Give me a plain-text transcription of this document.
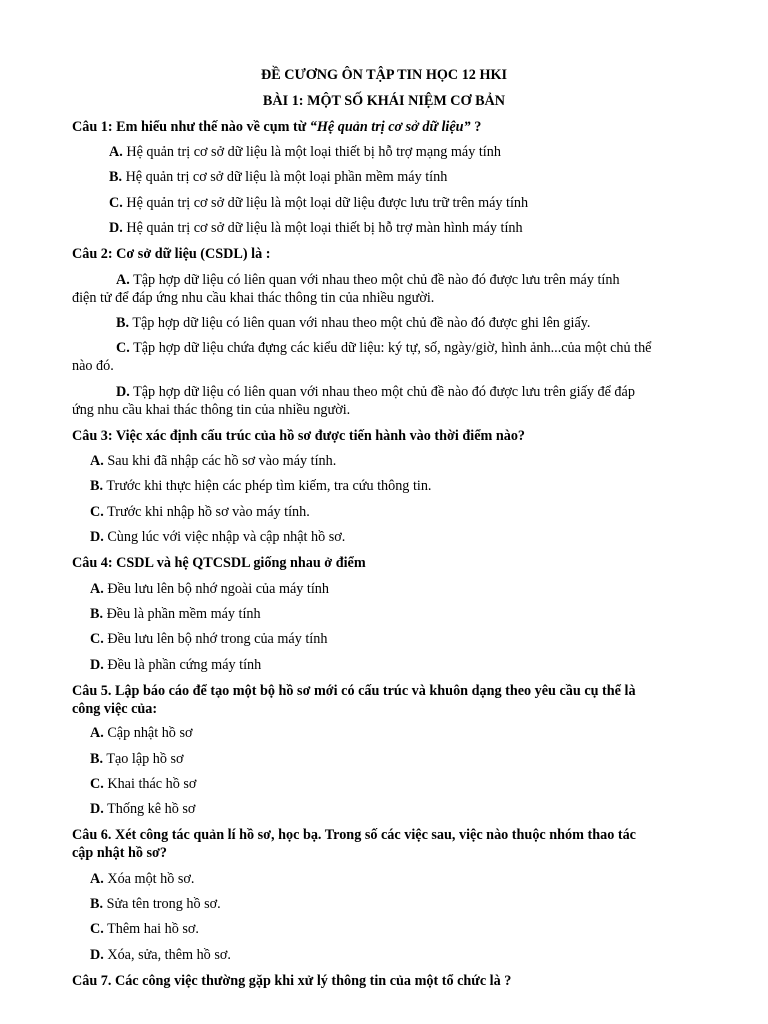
ĐỀ CƯƠNG ÔN TẬP TIN HỌC 12 HKI
BÀI 1: MỘT SỐ KHÁI NIỆM CƠ BẢN
Câu 1: Em hiểu như thế nào về cụm từ “Hệ quản trị cơ sở dữ liệu” ?
A. Hệ quản trị cơ sở dữ liệu là một loại thiết bị hỗ trợ mạng máy tính
B. Hệ quản trị cơ sở dữ liệu là một loại phần mềm máy tính
C. Hệ quản trị cơ sở dữ liệu là một loại dữ liệu được lưu trữ trên máy tính
D. Hệ quản trị cơ sở dữ liệu là một loại thiết bị hỗ trợ màn hình máy tính
Câu 2: Cơ sở dữ liệu (CSDL) là :
A. Tập hợp dữ liệu có liên quan với nhau theo một chủ đề nào đó được lưu trên máy tính
điện tử để đáp ứng nhu cầu khai thác thông tin của nhiều người.
B. Tập hợp dữ liệu có liên quan với nhau theo một chủ đề nào đó được ghi lên giấy.
C. Tập hợp dữ liệu chứa đựng các kiểu dữ liệu: ký tự, số, ngày/giờ, hình ảnh...của một chủ thể
nào đó.
D. Tập hợp dữ liệu có liên quan với nhau theo một chủ đề nào đó được lưu trên giấy để đáp
ứng nhu cầu khai thác thông tin của nhiều người.
Câu 3: Việc xác định cấu trúc của hồ sơ được tiến hành vào thời điểm nào?
A. Sau khi đã nhập các hồ sơ vào máy tính.
B. Trước khi thực hiện các phép tìm kiếm, tra cứu thông tin.
C. Trước khi nhập hồ sơ vào máy tính.
D. Cùng lúc với việc nhập và cập nhật hồ sơ.
Câu 4: CSDL và hệ QTCSDL giống nhau ở điểm
A. Đều lưu lên bộ nhớ ngoài của máy tính
B. Đều là phần mềm máy tính
C. Đều lưu lên bộ nhớ trong của máy tính
D. Đều là phần cứng máy tính
Câu 5. Lập báo cáo để tạo một bộ hồ sơ mới có cấu trúc và khuôn dạng theo yêu cầu cụ thể là
công việc của:
A. Cập nhật hồ sơ
B. Tạo lập hồ sơ
C. Khai thác hồ sơ
D. Thống kê hồ sơ
Câu 6. Xét công tác quản lí hồ sơ, học bạ. Trong số các việc sau, việc nào thuộc nhóm thao tác
cập nhật hồ sơ?
A. Xóa một hồ sơ.
B. Sửa tên trong hồ sơ.
C. Thêm hai hồ sơ.
D. Xóa, sửa, thêm hồ sơ.
Câu 7. Các công việc thường gặp khi xử lý thông tin của một tổ chức là ?
